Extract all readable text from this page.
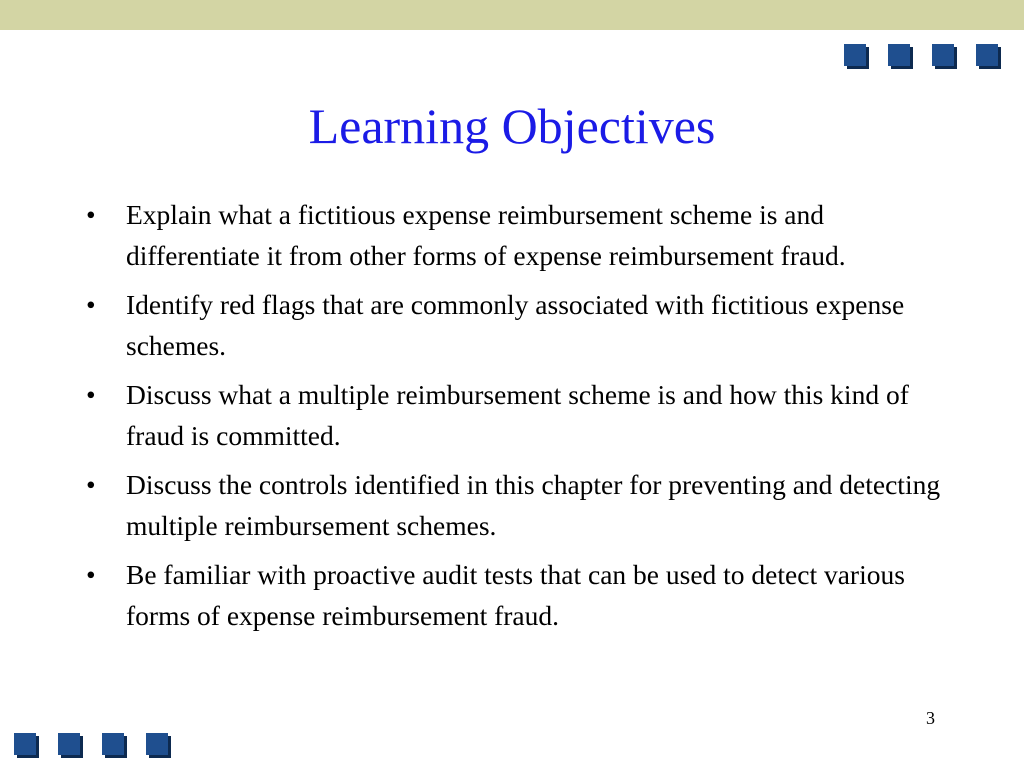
Learning Objectives
• Explain what a fictitious expense reimbursement scheme is and differentiate it from other forms of expense reimbursement fraud.
• Identify red flags that are commonly associated with fictitious expense schemes.
• Discuss what a multiple reimbursement scheme is and how this kind of fraud is committed.
• Discuss the controls identified in this chapter for preventing and detecting multiple reimbursement schemes.
• Be familiar with proactive audit tests that can be used to detect various forms of expense reimbursement fraud.
3
